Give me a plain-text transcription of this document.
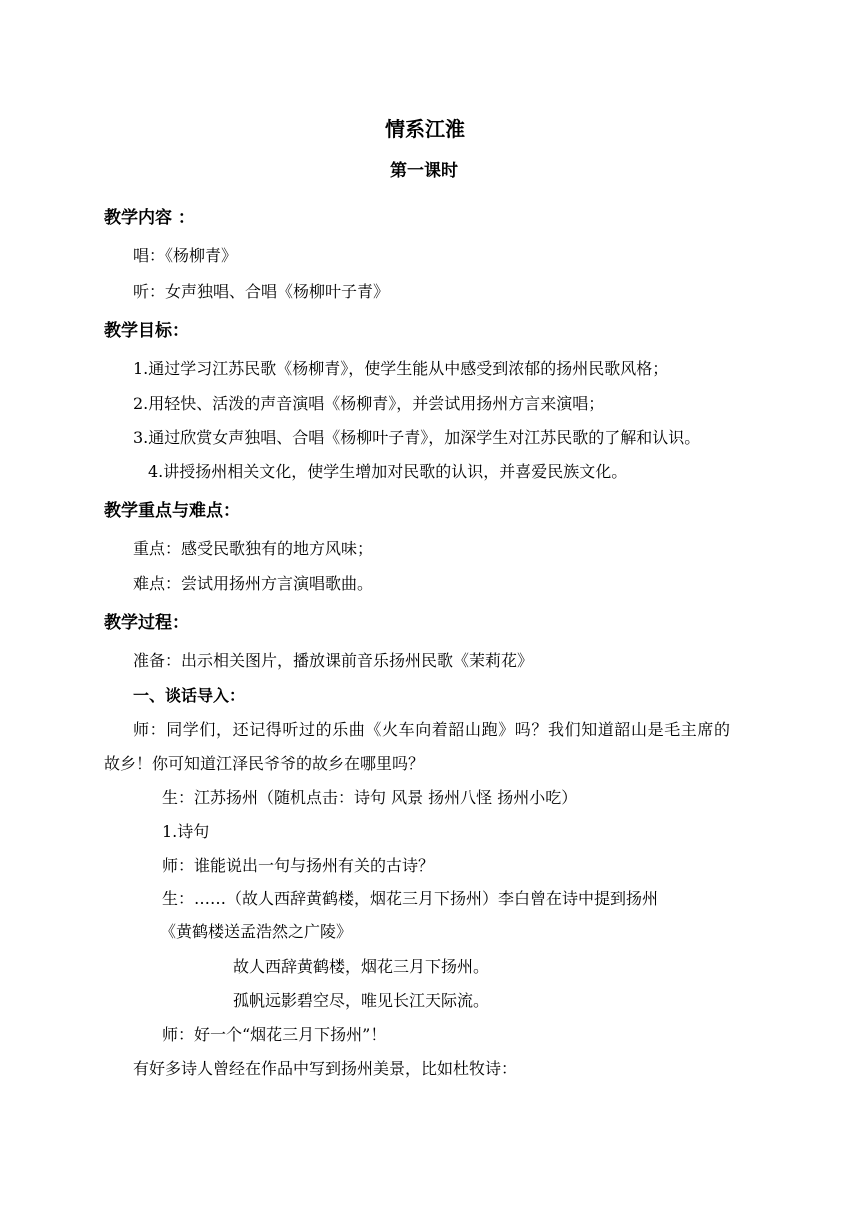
情系江淮
第一课时
教学内容 ：
唱：《杨柳青》
听：女声独唱、合唱《杨柳叶子青》
教学目标：
1.通过学习江苏民歌《杨柳青》，使学生能从中感受到浓郁的扬州民歌风格；
2.用轻快、活泼的声音演唱《杨柳青》，并尝试用扬州方言来演唱；
3.通过欣赏女声独唱、合唱《杨柳叶子青》，加深学生对江苏民歌的了解和认识。
4.讲授扬州相关文化，使学生增加对民歌的认识，并喜爱民族文化。
教学重点与难点：
重点：感受民歌独有的地方风味；
难点：尝试用扬州方言演唱歌曲。
教学过程：
准备：出示相关图片，播放课前音乐扬州民歌《茉莉花》
一、谈话导入：
师：同学们，还记得听过的乐曲《火车向着韶山跑》吗？我们知道韶山是毛主席的
故乡！你可知道江泽民爷爷的故乡在哪里吗？
生：江苏扬州（随机点击：诗句 风景 扬州八怪 扬州小吃）
1.诗句
师：谁能说出一句与扬州有关的古诗？
生：……（故人西辞黄鹤楼，烟花三月下扬州）李白曾在诗中提到扬州
《黄鹤楼送孟浩然之广陵》
故人西辞黄鹤楼，烟花三月下扬州。
孤帆远影碧空尽，唯见长江天际流。
师：好一个“烟花三月下扬州”！
有好多诗人曾经在作品中写到扬州美景，比如杜牧诗：
